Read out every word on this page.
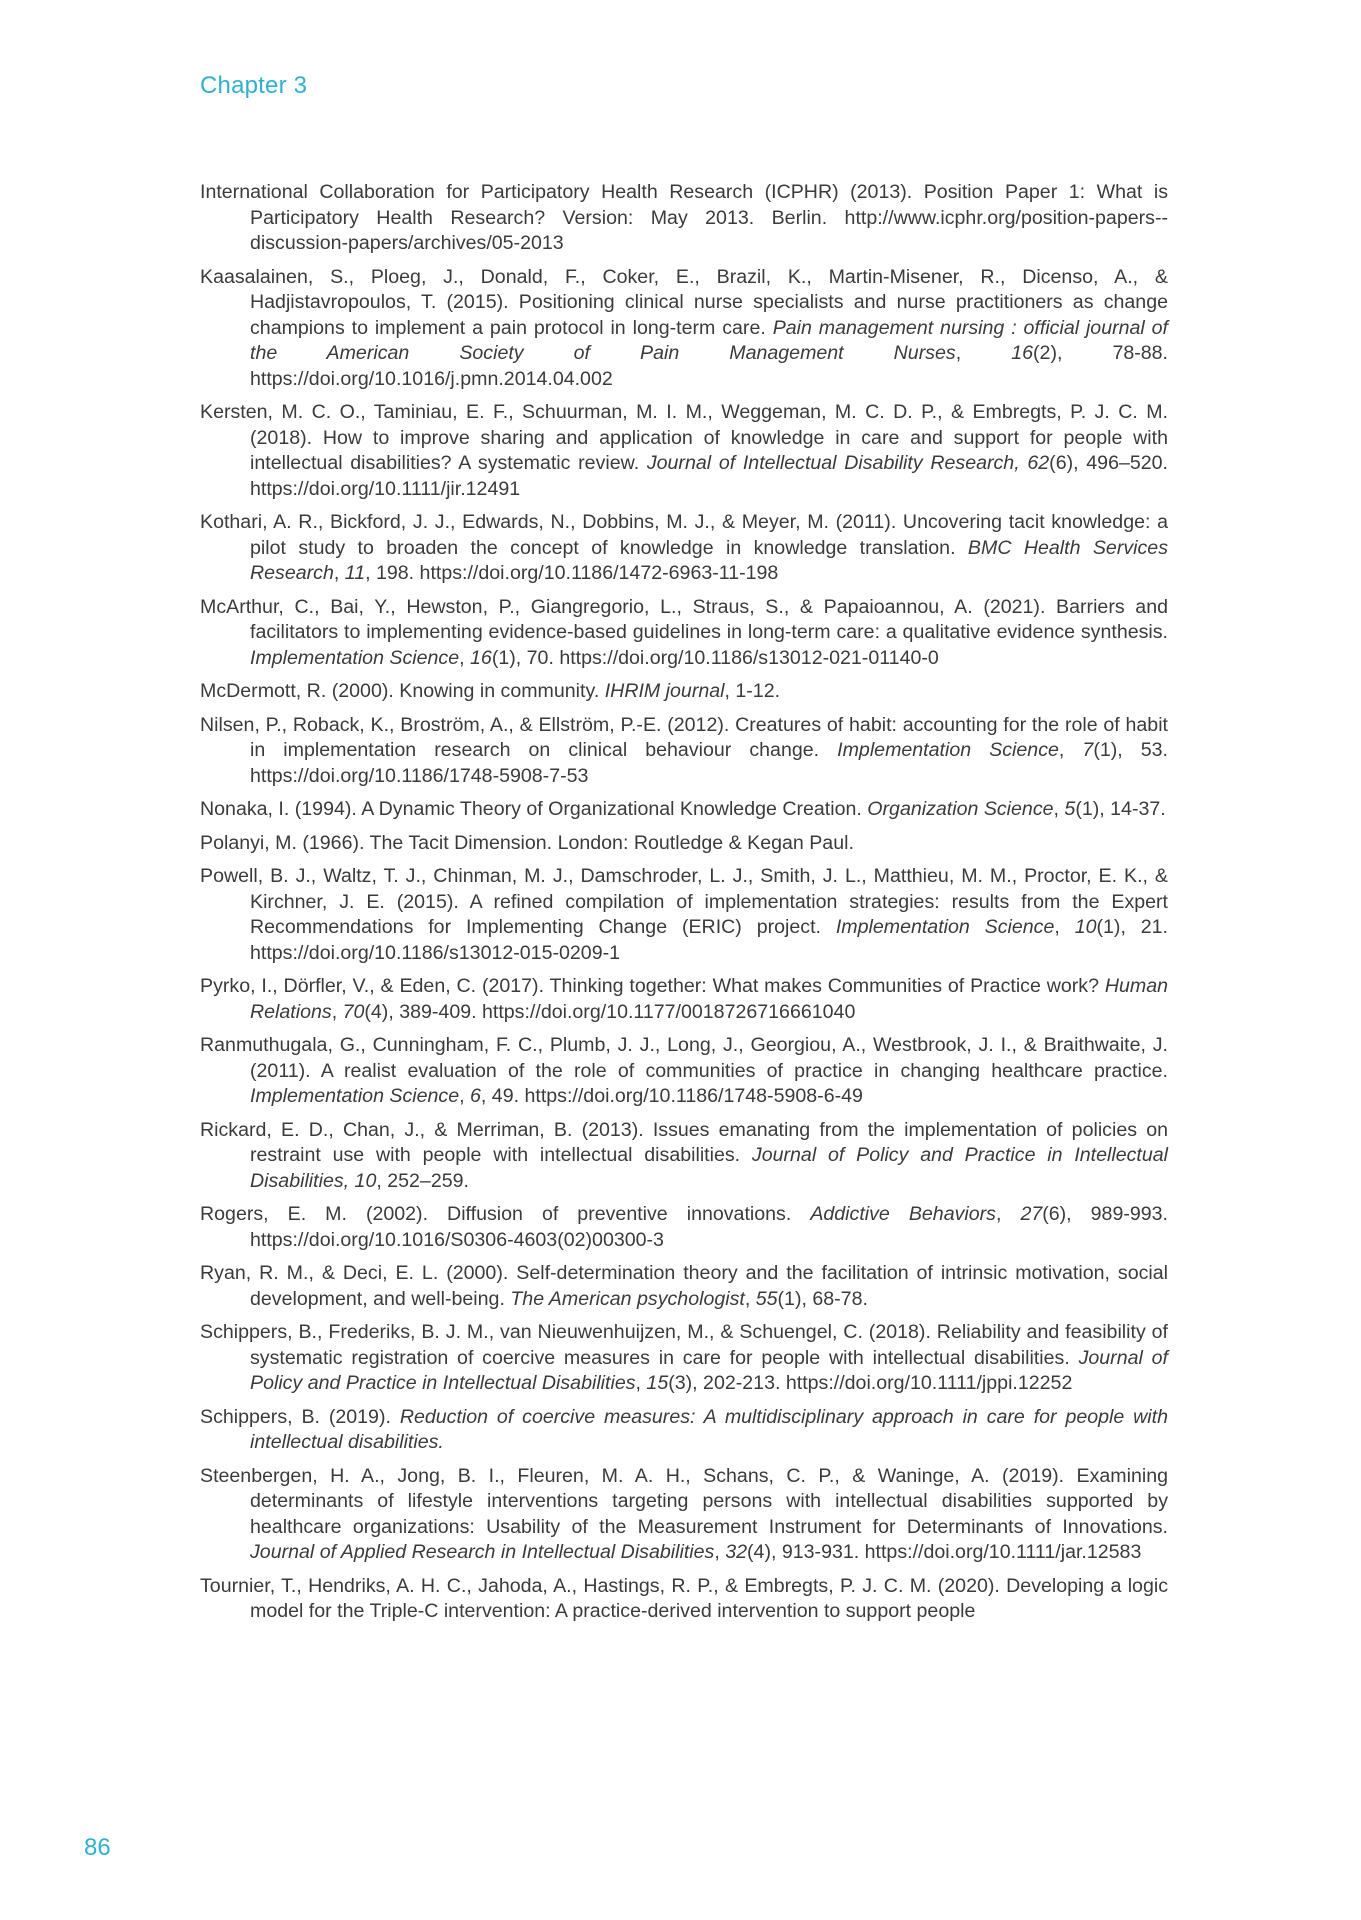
Chapter 3

International Collaboration for Participatory Health Research (ICPHR) (2013). Position Paper 1: What is Participatory Health Research? Version: May 2013. Berlin. http://www.icphr.org/position-papers--discussion-papers/archives/05-2013

Kaasalainen, S., Ploeg, J., Donald, F., Coker, E., Brazil, K., Martin-Misener, R., Dicenso, A., & Hadjistavropoulos, T. (2015). Positioning clinical nurse specialists and nurse practitioners as change champions to implement a pain protocol in long-term care. Pain management nursing : official journal of the American Society of Pain Management Nurses, 16(2), 78-88. https://doi.org/10.1016/j.pmn.2014.04.002

Kersten, M. C. O., Taminiau, E. F., Schuurman, M. I. M., Weggeman, M. C. D. P., & Embregts, P. J. C. M. (2018). How to improve sharing and application of knowledge in care and support for people with intellectual disabilities? A systematic review. Journal of Intellectual Disability Research, 62(6), 496–520. https://doi.org/10.1111/jir.12491

Kothari, A. R., Bickford, J. J., Edwards, N., Dobbins, M. J., & Meyer, M. (2011). Uncovering tacit knowledge: a pilot study to broaden the concept of knowledge in knowledge translation. BMC Health Services Research, 11, 198. https://doi.org/10.1186/1472-6963-11-198

McArthur, C., Bai, Y., Hewston, P., Giangregorio, L., Straus, S., & Papaioannou, A. (2021). Barriers and facilitators to implementing evidence-based guidelines in long-term care: a qualitative evidence synthesis. Implementation Science, 16(1), 70. https://doi.org/10.1186/s13012-021-01140-0

McDermott, R. (2000). Knowing in community. IHRIM journal, 1-12.

Nilsen, P., Roback, K., Broström, A., & Ellström, P.-E. (2012). Creatures of habit: accounting for the role of habit in implementation research on clinical behaviour change. Implementation Science, 7(1), 53. https://doi.org/10.1186/1748-5908-7-53

Nonaka, I. (1994). A Dynamic Theory of Organizational Knowledge Creation. Organization Science, 5(1), 14-37.

Polanyi, M. (1966). The Tacit Dimension. London: Routledge & Kegan Paul.

Powell, B. J., Waltz, T. J., Chinman, M. J., Damschroder, L. J., Smith, J. L., Matthieu, M. M., Proctor, E. K., & Kirchner, J. E. (2015). A refined compilation of implementation strategies: results from the Expert Recommendations for Implementing Change (ERIC) project. Implementation Science, 10(1), 21. https://doi.org/10.1186/s13012-015-0209-1

Pyrko, I., Dörfler, V., & Eden, C. (2017). Thinking together: What makes Communities of Practice work? Human Relations, 70(4), 389-409. https://doi.org/10.1177/0018726716661040

Ranmuthugala, G., Cunningham, F. C., Plumb, J. J., Long, J., Georgiou, A., Westbrook, J. I., & Braithwaite, J. (2011). A realist evaluation of the role of communities of practice in changing healthcare practice. Implementation Science, 6, 49. https://doi.org/10.1186/1748-5908-6-49

Rickard, E. D., Chan, J., & Merriman, B. (2013). Issues emanating from the implementation of policies on restraint use with people with intellectual disabilities. Journal of Policy and Practice in Intellectual Disabilities, 10, 252–259.

Rogers, E. M. (2002). Diffusion of preventive innovations. Addictive Behaviors, 27(6), 989-993. https://doi.org/10.1016/S0306-4603(02)00300-3

Ryan, R. M., & Deci, E. L. (2000). Self-determination theory and the facilitation of intrinsic motivation, social development, and well-being. The American psychologist, 55(1), 68-78.

Schippers, B., Frederiks, B. J. M., van Nieuwenhuijzen, M., & Schuengel, C. (2018). Reliability and feasibility of systematic registration of coercive measures in care for people with intellectual disabilities. Journal of Policy and Practice in Intellectual Disabilities, 15(3), 202-213. https://doi.org/10.1111/jppi.12252

Schippers, B. (2019). Reduction of coercive measures: A multidisciplinary approach in care for people with intellectual disabilities.

Steenbergen, H. A., Jong, B. I., Fleuren, M. A. H., Schans, C. P., & Waninge, A. (2019). Examining determinants of lifestyle interventions targeting persons with intellectual disabilities supported by healthcare organizations: Usability of the Measurement Instrument for Determinants of Innovations. Journal of Applied Research in Intellectual Disabilities, 32(4), 913-931. https://doi.org/10.1111/jar.12583

Tournier, T., Hendriks, A. H. C., Jahoda, A., Hastings, R. P., & Embregts, P. J. C. M. (2020). Developing a logic model for the Triple-C intervention: A practice-derived intervention to support people

86
